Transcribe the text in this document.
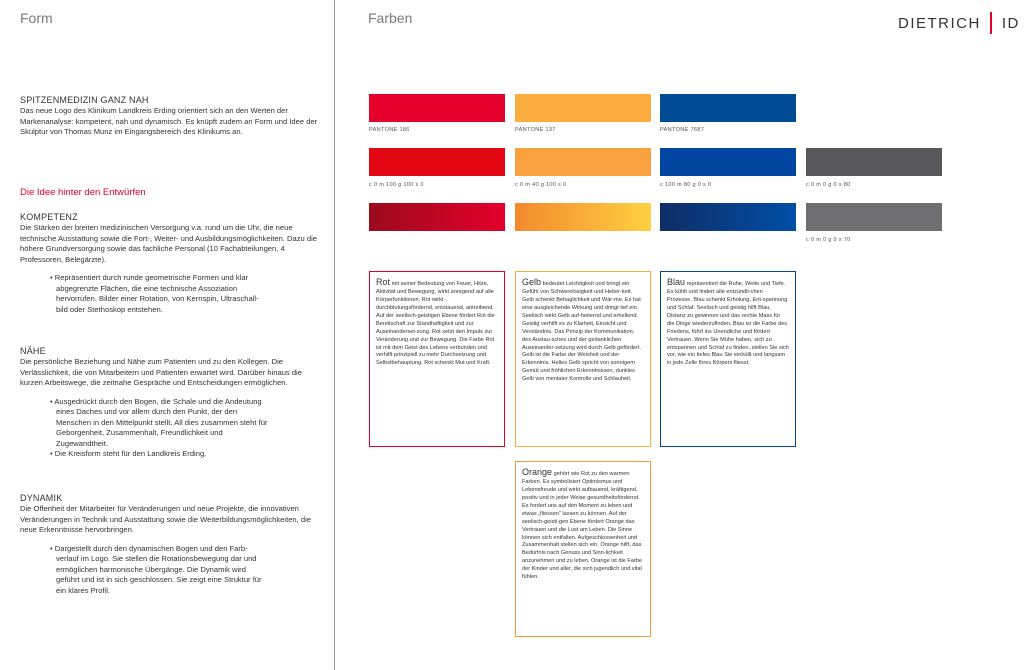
Form	Farben	DIETRICH ID
SPITZENMEDIZIN GANZ NAH
Das neue Logo des Klinikum Landkreis Erding orientiert sich an den Werten der Markenanalyse: kompetent, nah und dynamisch. Es knüpft zudem an Form und Idee der Skulptur von Thomas Munz im Eingangsbereich des Klinikums an.
Die Idee hinter den Entwürfen
KOMPETENZ
Die Stärken der breiten medizinischen Versorgung v.a. rund um die Uhr, die neue technische Ausstattung sowie die Fort-, Weiter- und Ausbildungsmöglichkeiten. Dazu die höhere Grundversorgung sowie das fachliche Personal (10 Fachabteilungen, 4 Professoren, Belegärzte).

• Repräsentiert durch runde geometrische Formen und klar abgegrenzte Flächen, die eine technische Assoziation hervorrufen. Bilder einer Rotation, von Kernspin, Ultraschall-bild oder Stethoskop entstehen.

NÄHE
Die persönliche Beziehung und Nähe zum Patienten und zu den Kollegen. Die Verlässlichkeit, die von Mitarbeitern und Patienten erwartet wird. Darüber hinaus die kurzen Arbeitswege, die zeitnahe Gespräche und Entscheidungen ermöglichen.

• Ausgedrückt durch den Bogen, die Schale und die Andeutung eines Daches und vor allem durch den Punkt, der den Menschen in den Mittelpunkt stellt. All dies zusammen steht für Geborgenheit, Zusammenhalt, Freundlichkeit und Zugewandtheit.

• Die Kreisform steht für den Landkreis Erding.

DYNAMIK
Die Offenheit der Mitarbeiter für Veränderungen und neue Projekte, die innovativen Veränderungen in Technik und Ausstattung sowie die Weiterbildungsmöglichkeiten, die neue Erkenntnisse hervorbringen.

• Dargestellt durch den dynamischen Bogen und den Farb-verlauf im Logo. Sie stellen die Rotationsbewegung dar und ermöglichen harmonische Übergänge. Die Dynamik wird geführt und ist in sich geschlossen. Sie zeigt eine Struktur für ein klares Profil.

PANTONE 186	PANTONE 137	PANTONE 7687
c 0 m 100 g 100 s 0	c 0 m 40 g 100 s 0	c 100 m 80 g 0 s 0	c 0 m 0 g 0 s 80
c 0 m 0 g 0 s 70
Rot mit seiner Bedeutung von Feuer, Hitze, Aktivität und Bewegung, wirkt anregend auf alle Körperfunktionen. Rot wirkt durchblutungsfördernd, entstauend, antreibend. Auf der seelisch-geistigen Ebene fördert Rot die Bereitschaft zur Standhaftigkeit und zur Auseinanderset-zung. Rot setzt den Impuls zur Veränderung und zur Bewegung. Die Farbe Rot ist mit dem Geist des Lebens verbunden und verhilft prinzipiell zu mehr Durchsetzung und Selbstbehauptung. Rot schenkt Mut und Kraft.
Gelb bedeutet Leichtigkeit und bringt ein Gefühl von Schwerelosigkeit und Heiter-keit. Gelb schenkt Behaglichkeit und Wär-me. Es hat eine ausgleichende Wirkung und dringt tief ein. Seelisch wirkt Gelb auf-heiternd und erhellend. Geistig verhilft es zu Klarheit, Einsicht und Verständnis. Das Prinzip der Kommunikation, des Austau-sches und der gedanklichen Auseinander-setzung wird durch Gelb gefördert. Gelb ist die Farbe der Weisheit und der Erkenntnis. Helles Gelb spricht von sonnigem Gemüt und fröhlichen Erkenntnissen, dunkles Gelb von mentaler Kontrolle und Schlauheit.
Blau repräsentiert die Ruhe, Weite und Tiefe. Es kühlt und lindert alle entzündli-chen Prozesse. Blau schenkt Erholung, Ent-spannung und Schlaf. Seelisch und geistig hilft Blau, Distanz zu gewinnen und das rechte Mass für die Dinge wiederzufinden. Blau ist die Farbe des Friedens, führt ins Unendliche und fördert Vertrauen. Wenn Sie Mühe haben, sich zu entspannen und Schlaf zu finden, stellen Sie sich vor, wie ein tiefes Blau Sie einhüllt und langsam in jede Zelle Ihres Körpers fliesst.
Orange gehört wie Rot zu den warmen Farben. Es symbolisiert Optimismus und Lebensfreude und wirkt aufbauend, kräftigend, positiv und in jeder Weise gesundheitsfördernd. Es fordert uns auf den Moment zu leben und etwas „fliessen“ lassen zu können. Auf der seelisch-geisti-gen Ebene fördert Orange das Vertrauen und die Lust am Leben. Die Sinne können sich entfalten. Aufgeschlossenheit und Zusammenhalt stellen sich ein. Orange hilft, das Bedürfnis nach Genuss und Sinn-lichkeit anzunehmen und zu leben. Orange ist die Farbe der Kinder und aller, die sich jugendlich und vital fühlen.
